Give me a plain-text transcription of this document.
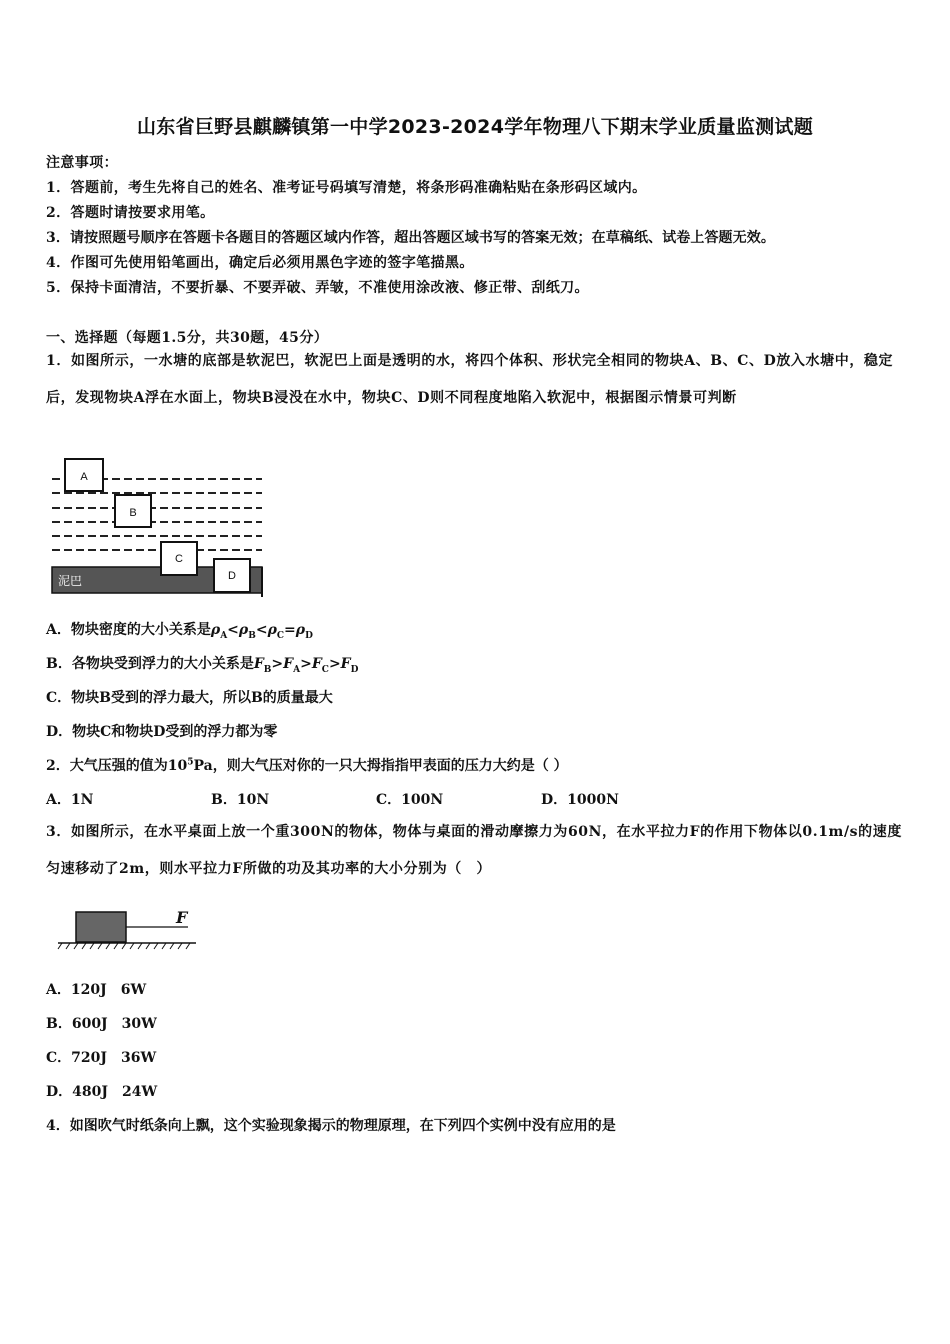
山东省巨野县麒麟镇第一中学2023-2024学年物理八下期末学业质量监测试题
注意事项：
1．答题前，考生先将自己的姓名、准考证号码填写清楚，将条形码准确粘贴在条形码区域内。
2．答题时请按要求用笔。
3．请按照题号顺序在答题卡各题目的答题区域内作答，超出答题区域书写的答案无效；在草稿纸、试卷上答题无效。
4．作图可先使用铅笔画出，确定后必须用黑色字迹的签字笔描黑。
5．保持卡面清洁，不要折暴、不要弄破、弄皱，不准使用涂改液、修正带、刮纸刀。
一、选择题（每题1.5分，共30题，45分）
1．如图所示，一水塘的底部是软泥巴，软泥巴上面是透明的水，将四个体积、形状完全相同的物块A、B、C、D放入水塘中，稳定后，发现物块A浮在水面上，物块B浸没在水中，物块C、D则不同程度地陷入软泥中，根据图示情景可判断
A
B
C
D
泥巴
A．物块密度的大小关系是$\rho_A<\rho_B<\rho_C=\rho_D$
B．各物块受到浮力的大小关系是$F_B>F_A>F_C>F_D$
C．物块B受到的浮力最大，所以B的质量最大
D．物块C和物块D受到的浮力都为零
2．大气压强的值为$10^5Pa$，则大气压对你的一只大拇指指甲表面的压力大约是（ ）
A．1N	B．10N	C．100N	D．1000N
3．如图所示，在水平桌面上放一个重300N的物体，物体与桌面的滑动摩擦力为60N，在水平拉力F的作用下物体以0.1m/s的速度匀速移动了2m，则水平拉力F所做的功及其功率的大小分别为（　）
F
A．120J　6W
B．600J　30W
C．720J　36W
D．480J　24W
4．如图吹气时纸条向上飘，这个实验现象揭示的物理原理，在下列四个实例中没有应用的是
